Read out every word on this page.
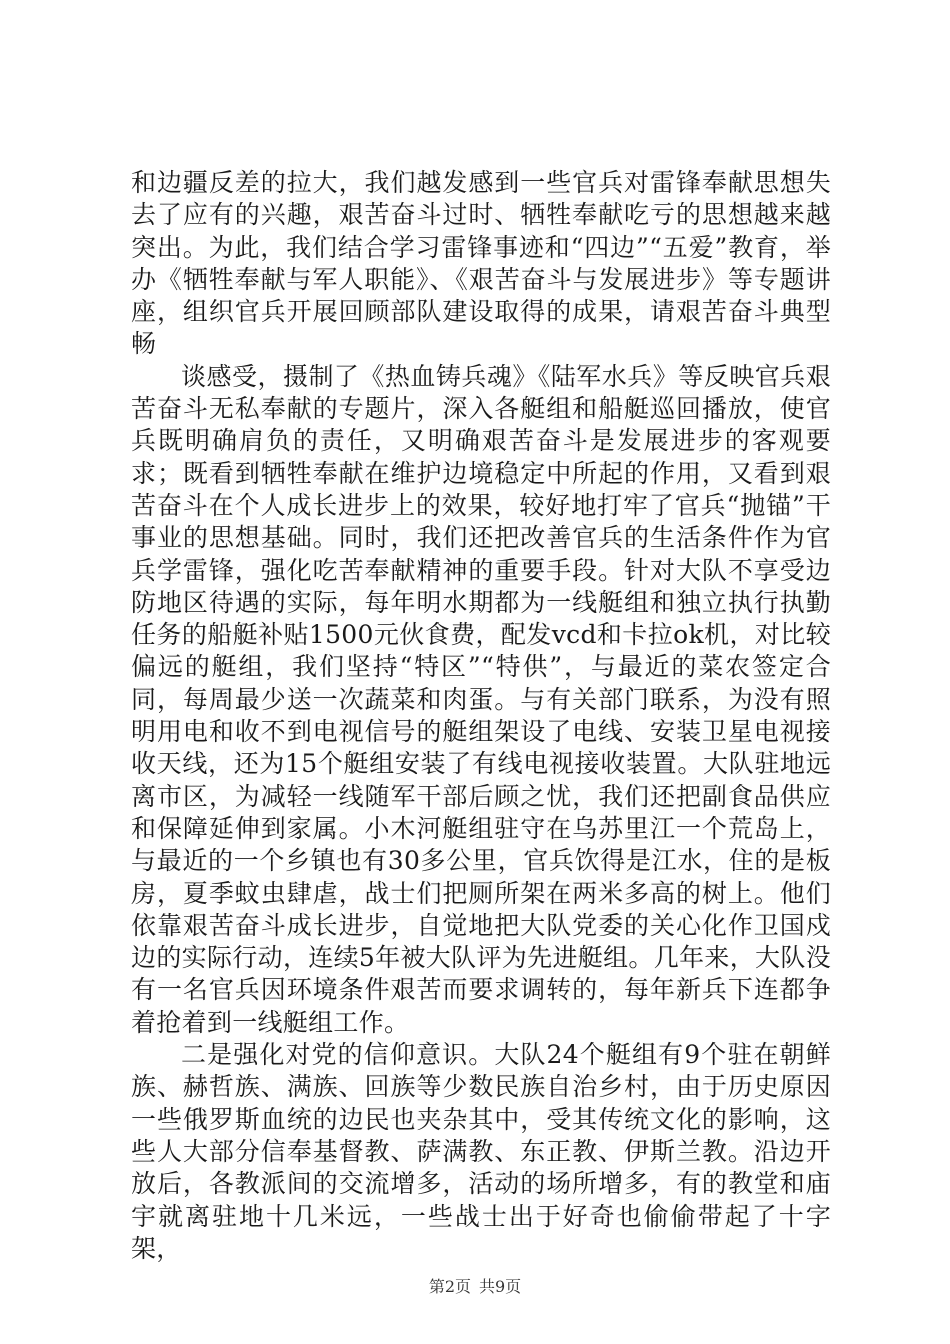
和边疆反差的拉大，我们越发感到一些官兵对雷锋奉献思想失去了应有的兴趣，艰苦奋斗过时、牺牲奉献吃亏的思想越来越突出。为此，我们结合学习雷锋事迹和“四边”“五爱”教育，举办《牺牲奉献与军人职能》、《艰苦奋斗与发展进步》等专题讲座，组织官兵开展回顾部队建设取得的成果，请艰苦奋斗典型畅

谈感受，摄制了《热血铸兵魂》《陆军水兵》等反映官兵艰苦奋斗无私奉献的专题片，深入各艇组和船艇巡回播放，使官兵既明确肩负的责任，又明确艰苦奋斗是发展进步的客观要求；既看到牺牲奉献在维护边境稳定中所起的作用，又看到艰苦奋斗在个人成长进步上的效果，较好地打牢了官兵“抛锚”干事业的思想基础。同时，我们还把改善官兵的生活条件作为官兵学雷锋，强化吃苦奉献精神的重要手段。针对大队不享受边防地区待遇的实际，每年明水期都为一线艇组和独立执行执勤任务的船艇补贴1500元伙食费，配发vcd和卡拉ok机，对比较偏远的艇组，我们坚持“特区”“特供”，与最近的菜农签定合同，每周最少送一次蔬菜和肉蛋。与有关部门联系，为没有照明用电和收不到电视信号的艇组架设了电线、安装卫星电视接收天线，还为15个艇组安装了有线电视接收装置。大队驻地远离市区，为减轻一线随军干部后顾之忧，我们还把副食品供应和保障延伸到家属。小木河艇组驻守在乌苏里江一个荒岛上，与最近的一个乡镇也有30多公里，官兵饮得是江水，住的是板房，夏季蚊虫肆虐，战士们把厕所架在两米多高的树上。他们依靠艰苦奋斗成长进步，自觉地把大队党委的关心化作卫国戍边的实际行动，连续5年被大队评为先进艇组。几年来，大队没有一名官兵因环境条件艰苦而要求调转的，每年新兵下连都争着抢着到一线艇组工作。

二是强化对党的信仰意识。大队24个艇组有9个驻在朝鲜族、赫哲族、满族、回族等少数民族自治乡村，由于历史原因一些俄罗斯血统的边民也夹杂其中，受其传统文化的影响，这些人大部分信奉基督教、萨满教、东正教、伊斯兰教。沿边开放后，各教派间的交流增多，活动的场所增多，有的教堂和庙宇就离驻地十几米远，一些战士出于好奇也偷偷带起了十字架，

第2页 共9页
